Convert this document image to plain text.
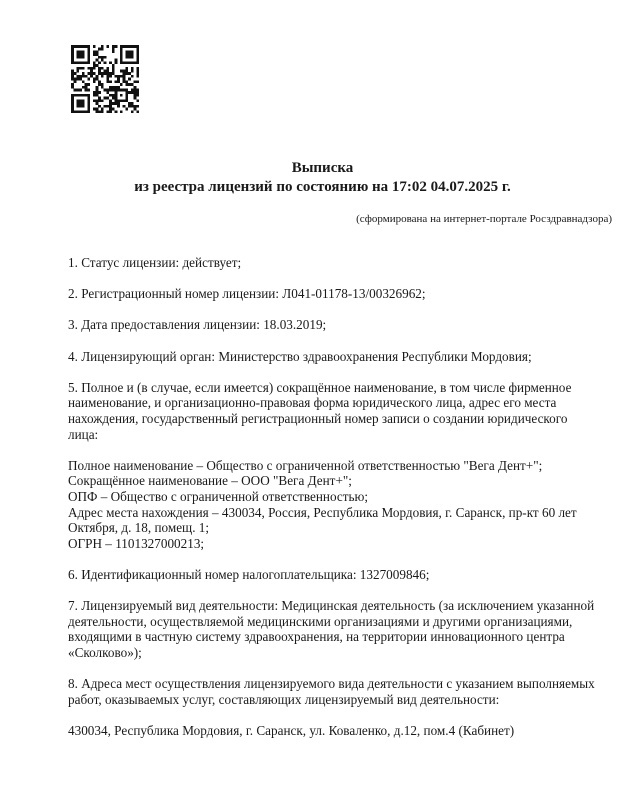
Выписка
из реестра лицензий по состоянию на 17:02 04.07.2025 г.
(сформирована на интернет-портале Росздравнадзора)

1. Статус лицензии: действует;

2. Регистрационный номер лицензии: Л041-01178-13/00326962;

3. Дата предоставления лицензии: 18.03.2019;

4. Лицензирующий орган: Министерство здравоохранения Республики Мордовия;

5. Полное и (в случае, если имеется) сокращённое наименование, в том числе фирменное
наименование, и организационно-правовая форма юридического лица, адрес его места
нахождения, государственный регистрационный номер записи о создании юридического лица:

Полное наименование – Общество с ограниченной ответственностью "Вега Дент+";
Сокращённое наименование – ООО "Вега Дент+";
ОПФ – Общество с ограниченной ответственностью;
Адрес места нахождения – 430034, Россия, Республика Мордовия, г. Саранск, пр-кт 60 лет
Октября, д. 18, помещ. 1;
ОГРН – 1101327000213;

6. Идентификационный номер налогоплательщика: 1327009846;

7. Лицензируемый вид деятельности: Медицинская деятельность (за исключением указанной
деятельности, осуществляемой медицинскими организациями и другими организациями,
входящими в частную систему здравоохранения, на территории инновационного центра
«Сколково»);

8. Адреса мест осуществления лицензируемого вида деятельности с указанием выполняемых
работ, оказываемых услуг, составляющих лицензируемый вид деятельности:

430034, Республика Мордовия, г. Саранск, ул. Коваленко, д.12, пом.4 (Кабинет)
